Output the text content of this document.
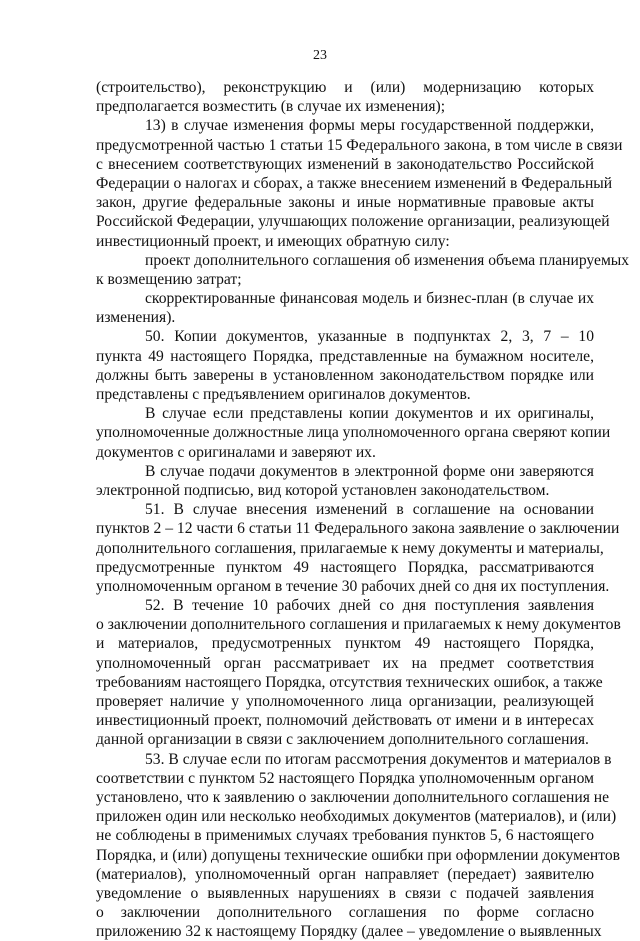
23
(строительство), реконструкцию и (или) модернизацию которых
предполагается возместить (в случае их изменения);
13) в случае изменения формы меры государственной поддержки,
предусмотренной частью 1 статьи 15 Федерального закона, в том числе в связи
с внесением соответствующих изменений в законодательство Российской
Федерации о налогах и сборах, а также внесением изменений в Федеральный
закон, другие федеральные законы и иные нормативные правовые акты
Российской Федерации, улучшающих положение организации, реализующей
инвестиционный проект, и имеющих обратную силу:
проект дополнительного соглашения об изменения объема планируемых
к возмещению затрат;
скорректированные финансовая модель и бизнес-план (в случае их
изменения).
50. Копии документов, указанные в подпунктах 2, 3, 7 – 10
пункта 49 настоящего Порядка, представленные на бумажном носителе,
должны быть заверены в установленном законодательством порядке или
представлены с предъявлением оригиналов документов.
В случае если представлены копии документов и их оригиналы,
уполномоченные должностные лица уполномоченного органа сверяют копии
документов с оригиналами и заверяют их.
В случае подачи документов в электронной форме они заверяются
электронной подписью, вид которой установлен законодательством.
51. В случае внесения изменений в соглашение на основании
пунктов 2 – 12 части 6 статьи 11 Федерального закона заявление о заключении
дополнительного соглашения, прилагаемые к нему документы и материалы,
предусмотренные пунктом 49 настоящего Порядка, рассматриваются
уполномоченным органом в течение 30 рабочих дней со дня их поступления.
52. В течение 10 рабочих дней со дня поступления заявления
о заключении дополнительного соглашения и прилагаемых к нему документов
и материалов, предусмотренных пунктом 49 настоящего Порядка,
уполномоченный орган рассматривает их на предмет соответствия
требованиям настоящего Порядка, отсутствия технических ошибок, а также
проверяет наличие у уполномоченного лица организации, реализующей
инвестиционный проект, полномочий действовать от имени и в интересах
данной организации в связи с заключением дополнительного соглашения.
53. В случае если по итогам рассмотрения документов и материалов в
соответствии с пунктом 52 настоящего Порядка уполномоченным органом
установлено, что к заявлению о заключении дополнительного соглашения не
приложен один или несколько необходимых документов (материалов), и (или)
не соблюдены в применимых случаях требования пунктов 5, 6 настоящего
Порядка, и (или) допущены технические ошибки при оформлении документов
(материалов), уполномоченный орган направляет (передает) заявителю
уведомление о выявленных нарушениях в связи с подачей заявления
о заключении дополнительного соглашения по форме согласно
приложению 32 к настоящему Порядку (далее – уведомление о выявленных
